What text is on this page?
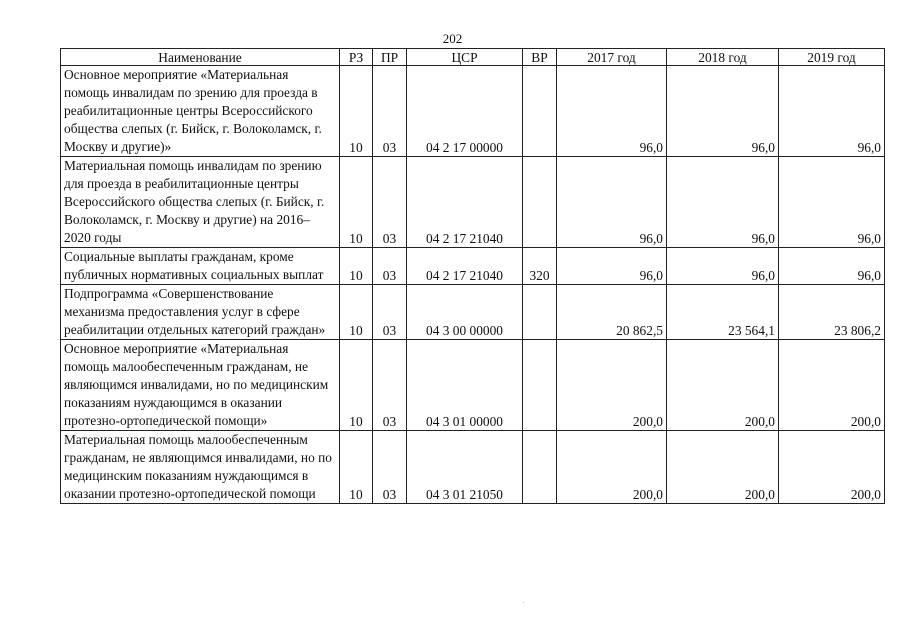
202
Наименование	РЗ	ПР	ЦСР	ВР	2017 год	2018 год	2019 год
Основное мероприятие «Материальная помощь инвалидам по зрению для проезда в реабилитационные центры Всероссийского общества слепых (г. Бийск, г. Волоколамск, г. Москву и другие)»	10	03	04 2 17 00000		96,0	96,0	96,0
Материальная помощь инвалидам по зрению для проезда в реабилитационные центры Всероссийского общества слепых (г. Бийск, г. Волоколамск, г. Москву и другие) на 2016–2020 годы	10	03	04 2 17 21040		96,0	96,0	96,0
Социальные выплаты гражданам, кроме публичных нормативных социальных выплат	10	03	04 2 17 21040	320	96,0	96,0	96,0
Подпрограмма «Совершенствование механизма предоставления услуг в сфере реабилитации отдельных категорий граждан»	10	03	04 3 00 00000		20 862,5	23 564,1	23 806,2
Основное мероприятие «Материальная помощь малообеспеченным гражданам, не являющимся инвалидами, но по медицинским показаниям нуждающимся в оказании протезно-ортопедической помощи»	10	03	04 3 01 00000		200,0	200,0	200,0
Материальная помощь малообеспеченным гражданам, не являющимся инвалидами, но по медицинским показаниям нуждающимся в оказании протезно-ортопедической помощи	10	03	04 3 01 21050		200,0	200,0	200,0
